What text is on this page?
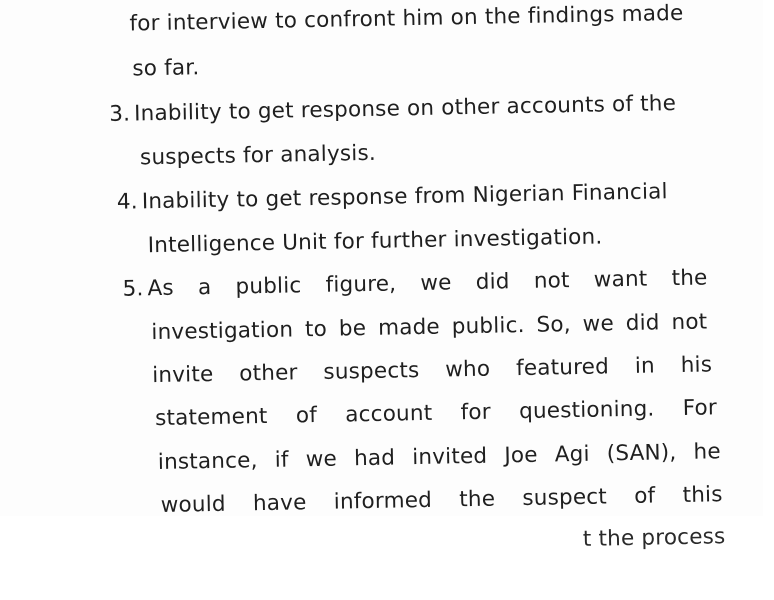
for interview to confront him on the findings made
so far.
3. Inability to get response on other accounts of the
suspects for analysis.
4. Inability to get response from Nigerian Financial
Intelligence Unit for further investigation.
5. As a public figure, we did not want the
investigation to be made public. So, we did not
invite other suspects who featured in his
statement of account for questioning. For
instance, if we had invited Joe Agi (SAN), he
would have informed the suspect of this
t the process
